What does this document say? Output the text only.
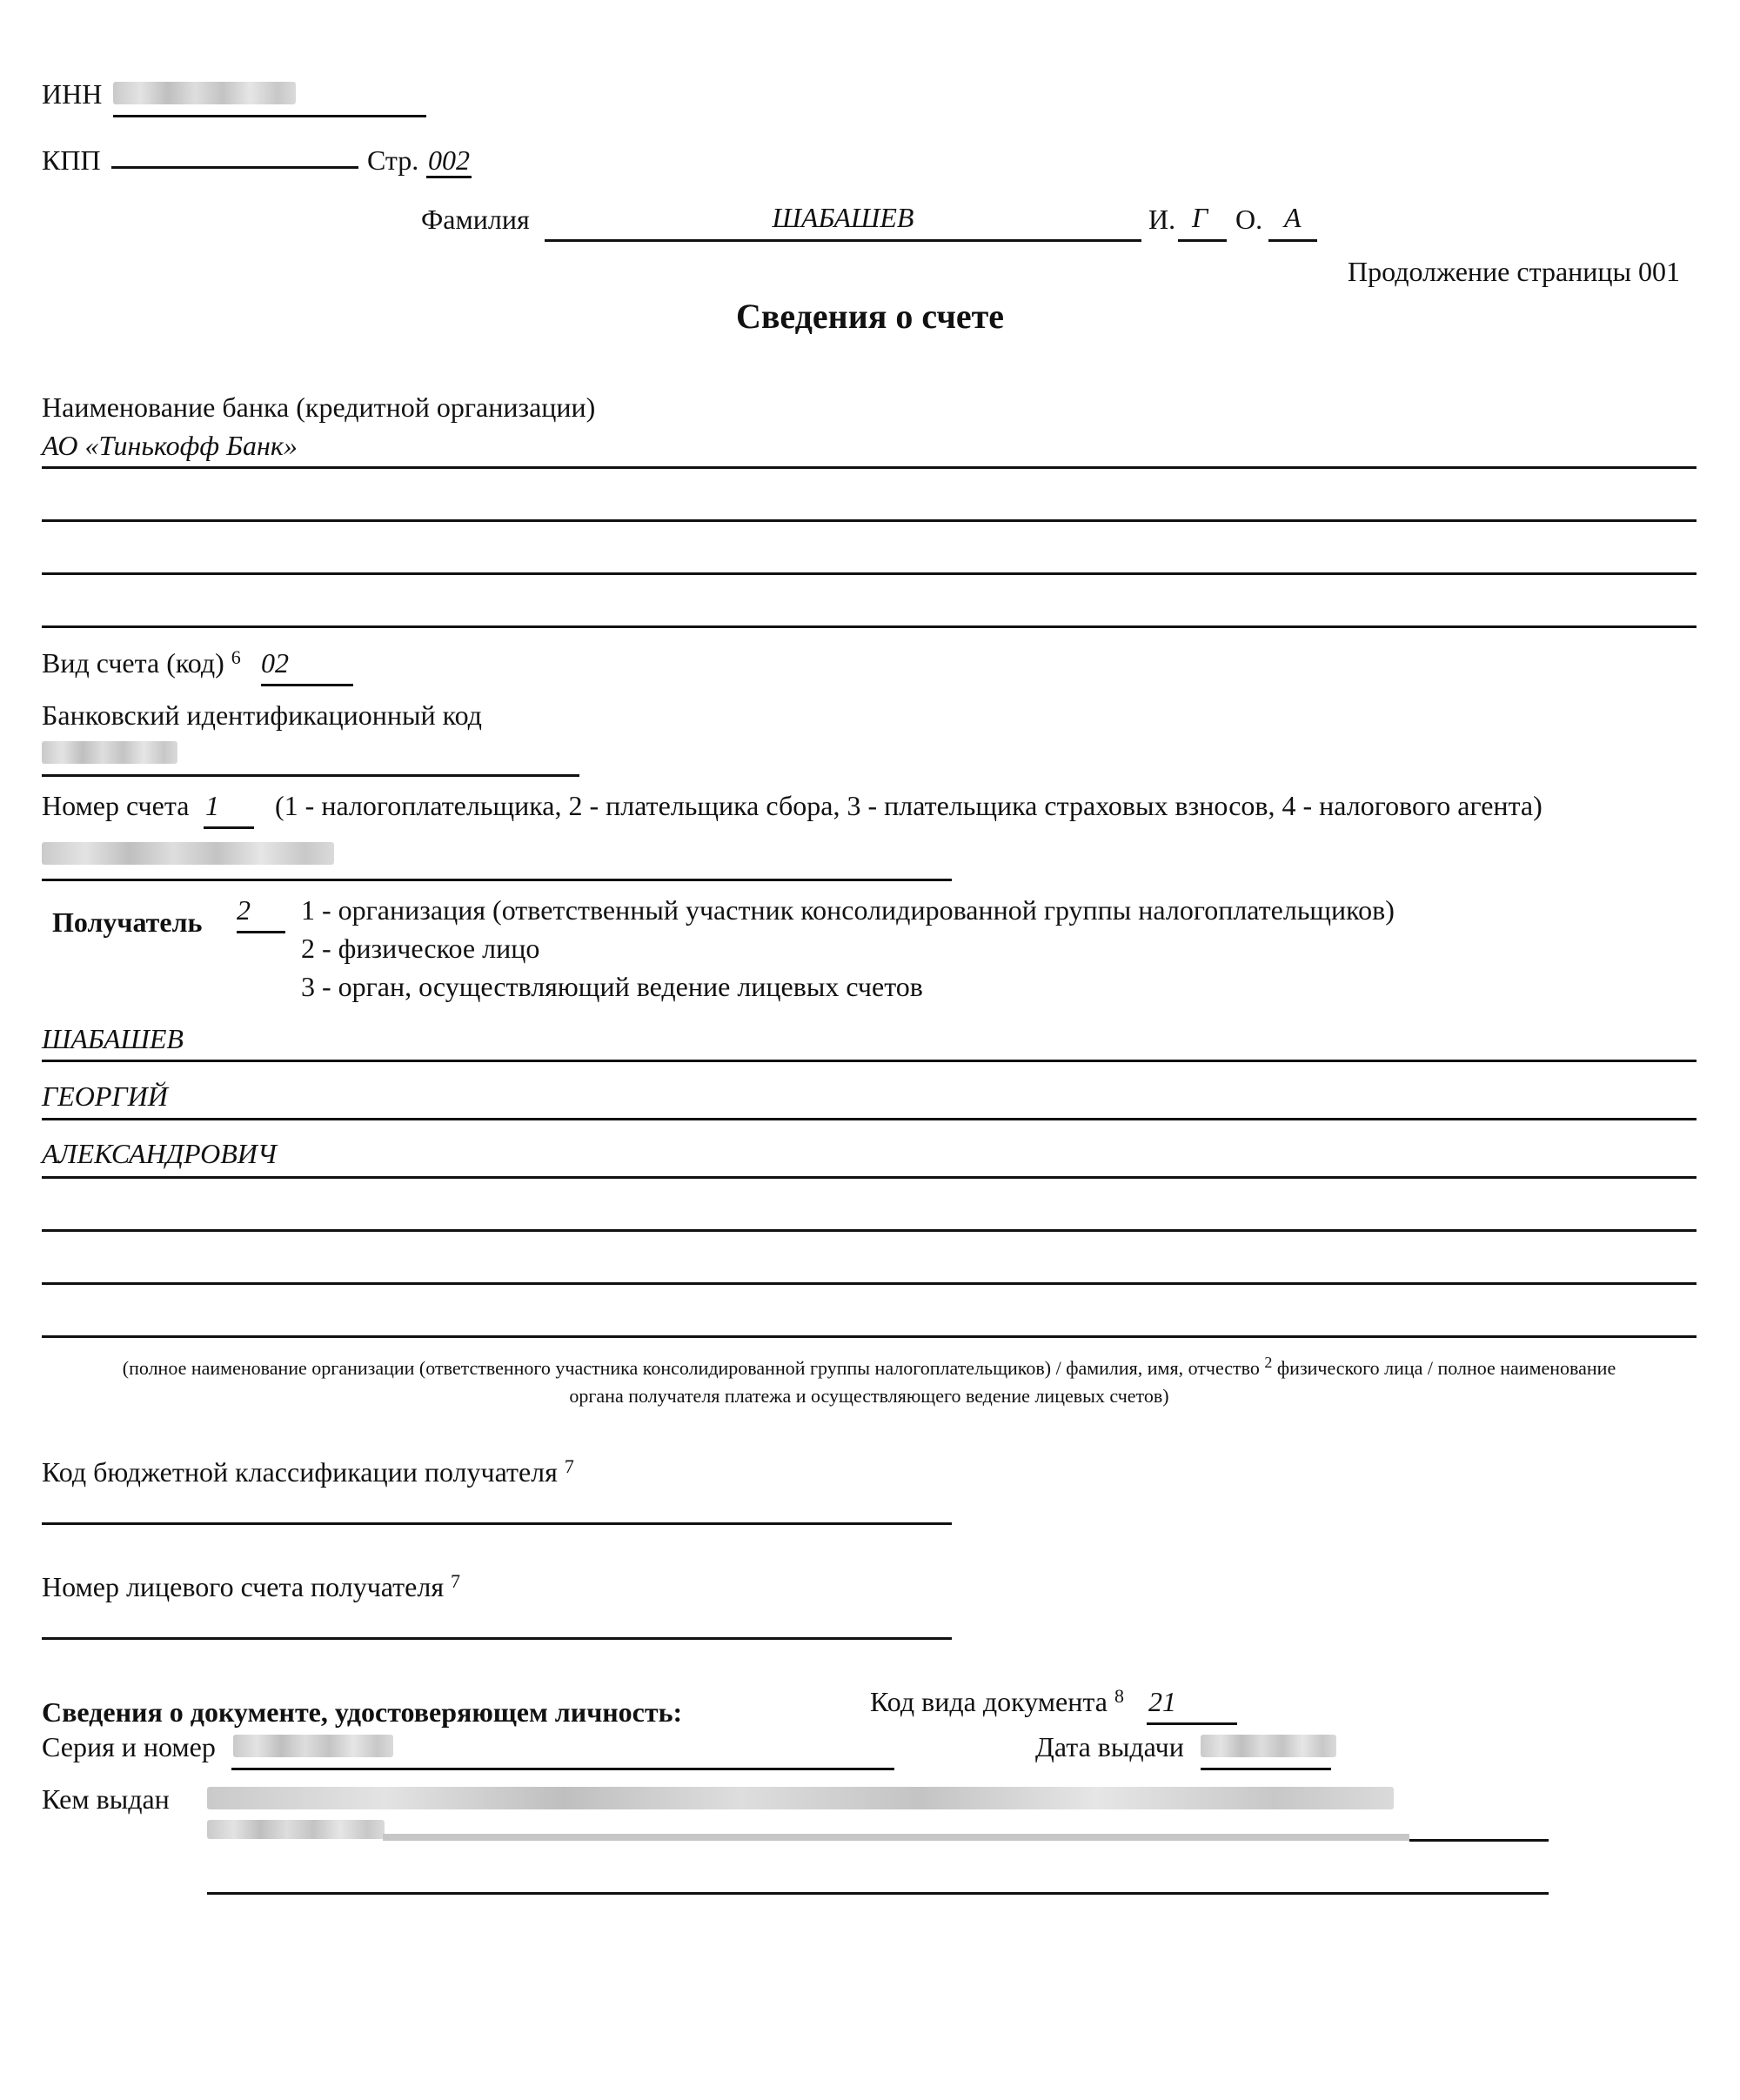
ИНН
КПП	Стр. 002
Фамилия	ШАБАШЕВ	И. Г О. А
Продолжение страницы 001
Сведения о счете
Наименование банка (кредитной организации)
АО «Тинькофф Банк»
Вид счета (код) $^6$ 02
Банковский идентификационный код
Номер счета 1 (1 - налогоплательщика, 2 - плательщика сбора, 3 - плательщика страховых взносов, 4 - налогового агента)
Получатель 2 1 - организация (ответственный участник консолидированной группы налогоплательщиков)
2 - физическое лицо
3 - орган, осуществляющий ведение лицевых счетов
ШАБАШЕВ
ГЕОРГИЙ
АЛЕКСАНДРОВИЧ
(полное наименование организации (ответственного участника консолидированной группы налогоплательщиков) / фамилия, имя, отчество $^2$ физического лица / полное наименование
органа получателя платежа и осуществляющего ведение лицевых счетов)
Код бюджетной классификации получателя $^7$
Номер лицевого счета получателя $^7$
Сведения о документе, удостоверяющем личность:	Код вида документа $^8$ 21
Серия и номер	Дата выдачи
Кем выдан
